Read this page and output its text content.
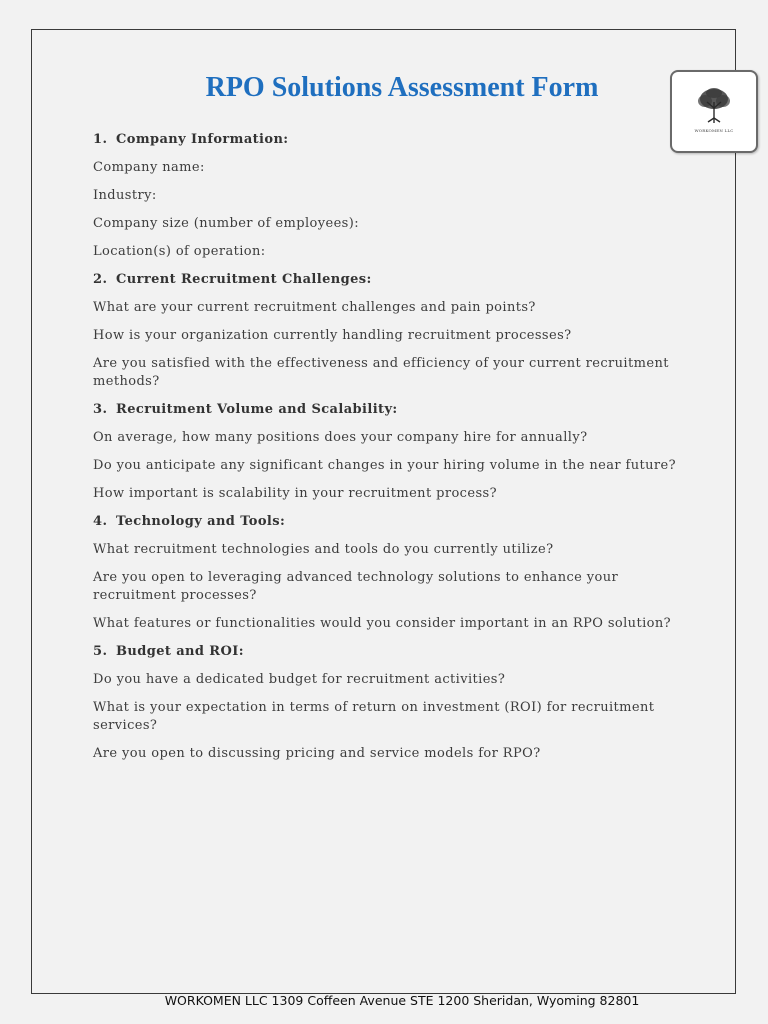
RPO Solutions Assessment Form
WORKOMEN LLC
WORKOMEN LLC 1309 Coffeen Avenue STE 1200 Sheridan, Wyoming 82801

1. Company Information:

Company name:

Industry:

Company size (number of employees):

Location(s) of operation:

2. Current Recruitment Challenges:

What are your current recruitment challenges and pain points?

How is your organization currently handling recruitment processes?

Are you satisfied with the effectiveness and efficiency of your current recruitment methods?

3. Recruitment Volume and Scalability:

On average, how many positions does your company hire for annually?

Do you anticipate any significant changes in your hiring volume in the near future?

How important is scalability in your recruitment process?

4. Technology and Tools:

What recruitment technologies and tools do you currently utilize?

Are you open to leveraging advanced technology solutions to enhance your recruitment processes?

What features or functionalities would you consider important in an RPO solution?

5. Budget and ROI:

Do you have a dedicated budget for recruitment activities?

What is your expectation in terms of return on investment (ROI) for recruitment services?

Are you open to discussing pricing and service models for RPO?
